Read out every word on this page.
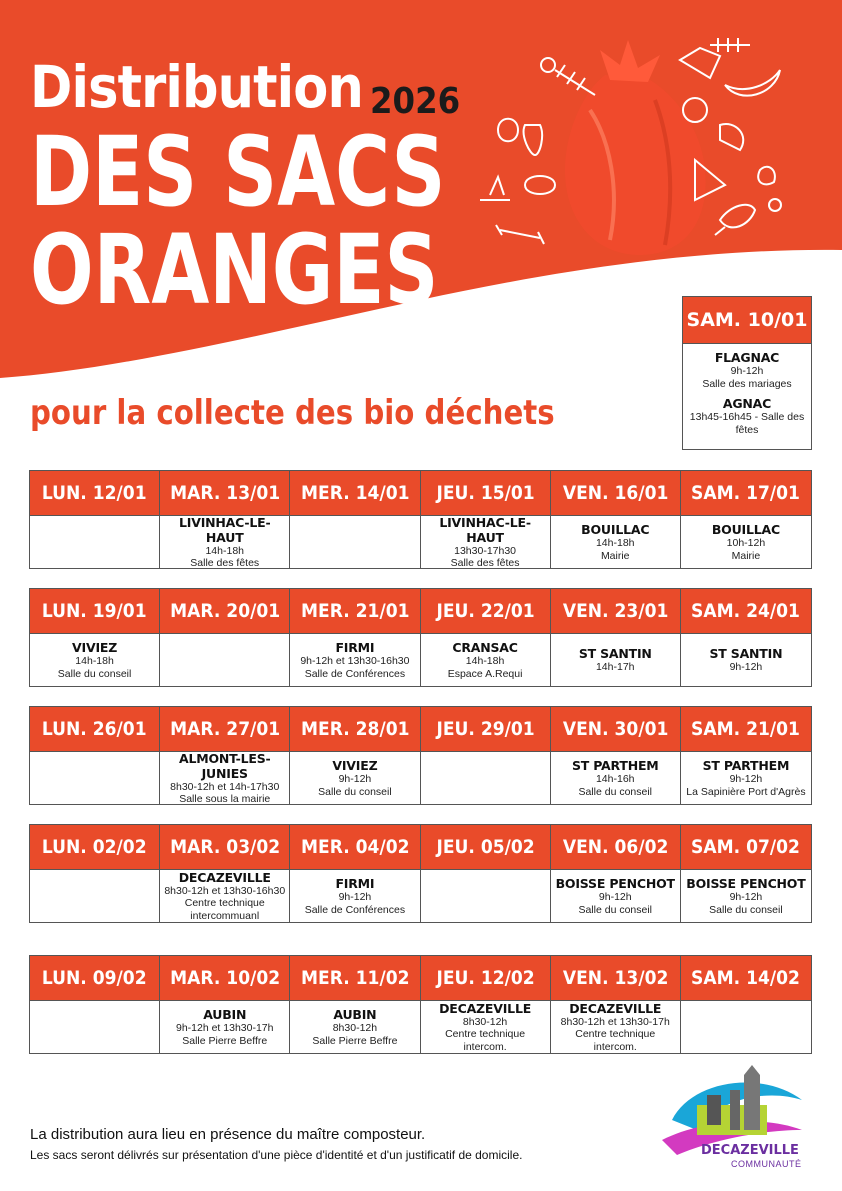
Distribution 2026
DES SACS
ORANGES
pour la collecte des bio déchets
SAM. 10/01
FLAGNAC
9h-12h
Salle des mariages
AGNAC
13h45-16h45 - Salle des fêtes
LUN. 12/01 MAR. 13/01 MER. 14/01 JEU. 15/01 VEN. 16/01 SAM. 17/01
LIVINHAC-LE-HAUT
14h-18h
Salle des fêtes
LIVINHAC-LE-HAUT
13h30-17h30
Salle des fêtes
BOUILLAC
14h-18h
Mairie
BOUILLAC
10h-12h
Mairie
LUN. 19/01 MAR. 20/01 MER. 21/01 JEU. 22/01 VEN. 23/01 SAM. 24/01
VIVIEZ
14h-18h
Salle du conseil
FIRMI
9h-12h et 13h30-16h30
Salle de Conférences
CRANSAC
14h-18h
Espace A.Requi
ST SANTIN
14h-17h
ST SANTIN
9h-12h
LUN. 26/01 MAR. 27/01 MER. 28/01 JEU. 29/01 VEN. 30/01 SAM. 21/01
ALMONT-LES-JUNIES
8h30-12h et 14h-17h30
Salle sous la mairie
VIVIEZ
9h-12h
Salle du conseil
ST PARTHEM
14h-16h
Salle du conseil
ST PARTHEM
9h-12h
La Sapinière Port d'Agrès
LUN. 02/02 MAR. 03/02 MER. 04/02 JEU. 05/02 VEN. 06/02 SAM. 07/02
DECAZEVILLE
8h30-12h et 13h30-16h30
Centre technique
intercommuanl
FIRMI
9h-12h
Salle de Conférences
BOISSE PENCHOT
9h-12h
Salle du conseil
BOISSE PENCHOT
9h-12h
Salle du conseil
LUN. 09/02 MAR. 10/02 MER. 11/02 JEU. 12/02 VEN. 13/02 SAM. 14/02
AUBIN
9h-12h et 13h30-17h
Salle Pierre Beffre
AUBIN
8h30-12h
Salle Pierre Beffre
DECAZEVILLE
8h30-12h
Centre technique
intercom.
DECAZEVILLE
8h30-12h et 13h30-17h
Centre technique
intercom.
La distribution aura lieu en présence du maître composteur.
Les sacs seront délivrés sur présentation d'une pièce d'identité et d'un justificatif de domicile.	DECAZEVILLE
COMMUNAUTÉ
